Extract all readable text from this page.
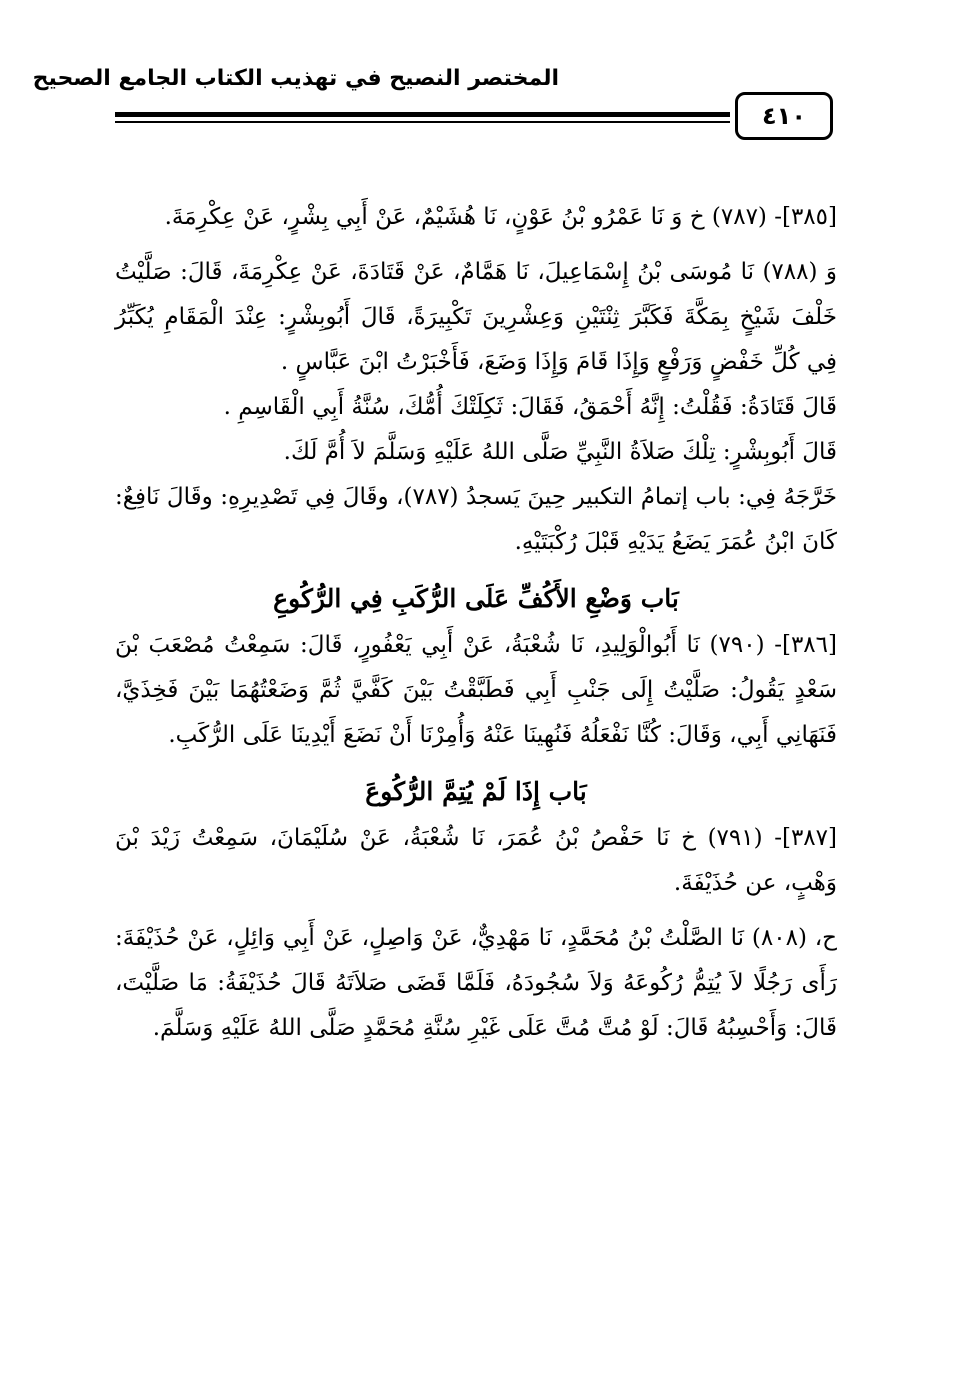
المختصر النصيح في تهذيب الكتاب الجامع الصحيح
٤١٠

[٣٨٥]- (٧٨٧) خ وَ نَا عَمْرُو بْنُ عَوْنٍ، نَا هُشَيْمٌ، عَنْ أَبِي بِشْرٍ، عَنْ عِكْرِمَةَ.

وَ (٧٨٨) نَا مُوسَى بْنُ إِسْمَاعِيلَ، نَا هَمَّامٌ، عَنْ قَتَادَةَ، عَنْ عِكْرِمَةَ، قَالَ: صَلَّيْتُ خَلْفَ شَيْخٍ بِمَكَّةَ فَكَبَّرَ ثِنْتَيْنِ وَعِشْرِينَ تَكْبِيرَةً، قَالَ أَبُوبِشْرٍ: عِنْدَ الْمَقَامِ يُكَبِّرُ فِي كُلِّ خَفْضٍ وَرَفْعٍ وَإِذَا قَامَ وَإِذَا وَضَعَ، فَأَخْبَرْتُ ابْنَ عَبَّاسٍ .

قَالَ قَتَادَةُ: فَقُلْتُ: إِنَّهُ أَحْمَقُ، فَقَالَ: ثَكِلَتْكَ أُمُّكَ، سُنَّةُ أَبِي الْقَاسِمِ .

قَالَ أَبُوبِشْرٍ: تِلْكَ صَلاَةُ النَّبِيِّ صَلَّى اللهُ عَلَيْهِ وَسَلَّمَ لاَ أُمَّ لَكَ.

خَرَّجَهُ فِي: باب إتمامُ التكبير حِينَ يَسجدُ (٧٨٧)، وقَالَ فِي تَصْدِيرِهِ: وقَالَ نَافِعٌ: كَانَ ابْنُ عُمَرَ يَضَعُ يَدَيْهِ قَبْلَ رُكْبَتَيْهِ.

بَاب وَضْعِ الأَكُفِّ عَلَى الرُّكَبِ فِي الرُّكُوعِ

[٣٨٦]- (٧٩٠) نَا أَبُوالْوَلِيدِ، نَا شُعْبَةُ، عَنْ أَبِي يَعْفُورٍ، قَالَ: سَمِعْتُ مُصْعَبَ بْنَ سَعْدٍ يَقُولُ: صَلَّيْتُ إِلَى جَنْبِ أَبِي فَطَبَّقْتُ بَيْنَ كَفَّيَّ ثُمَّ وَضَعْتُهُمَا بَيْنَ فَخِذَيَّ، فَنَهَانِي أَبِي، وَقَالَ: كُنَّا نَفْعَلُهُ فَنُهِينَا عَنْهُ وَأُمِرْنَا أَنْ نَضَعَ أَيْدِينَا عَلَى الرُّكَبِ.

بَاب إِذَا لَمْ يُتِمَّ الرُّكُوعَ

[٣٨٧]- (٧٩١) خ نَا حَفْصُ بْنُ عُمَرَ، نَا شُعْبَةُ، عَنْ سُلَيْمَانَ، سَمِعْتُ زَيْدَ بْنَ وَهْبٍ، عن حُذَيْفَةَ.

ح، (٨٠٨) نَا الصَّلْتُ بْنُ مُحَمَّدٍ، نَا مَهْدِيٌّ، عَنْ وَاصِلٍ، عَنْ أَبِي وَائِلٍ، عَنْ حُذَيْفَةَ: رَأَى رَجُلًا لاَ يُتِمُّ رُكُوعَهُ وَلاَ سُجُودَهُ، فَلَمَّا قَضَى صَلاَتَهُ قَالَ حُذَيْفَةُ: مَا صَلَّيْتَ، قَالَ: وَأَحْسِبُهُ قَالَ: لَوْ مُتَّ مُتَّ عَلَى غَيْرِ سُنَّةِ مُحَمَّدٍ صَلَّى اللهُ عَلَيْهِ وَسَلَّمَ.
